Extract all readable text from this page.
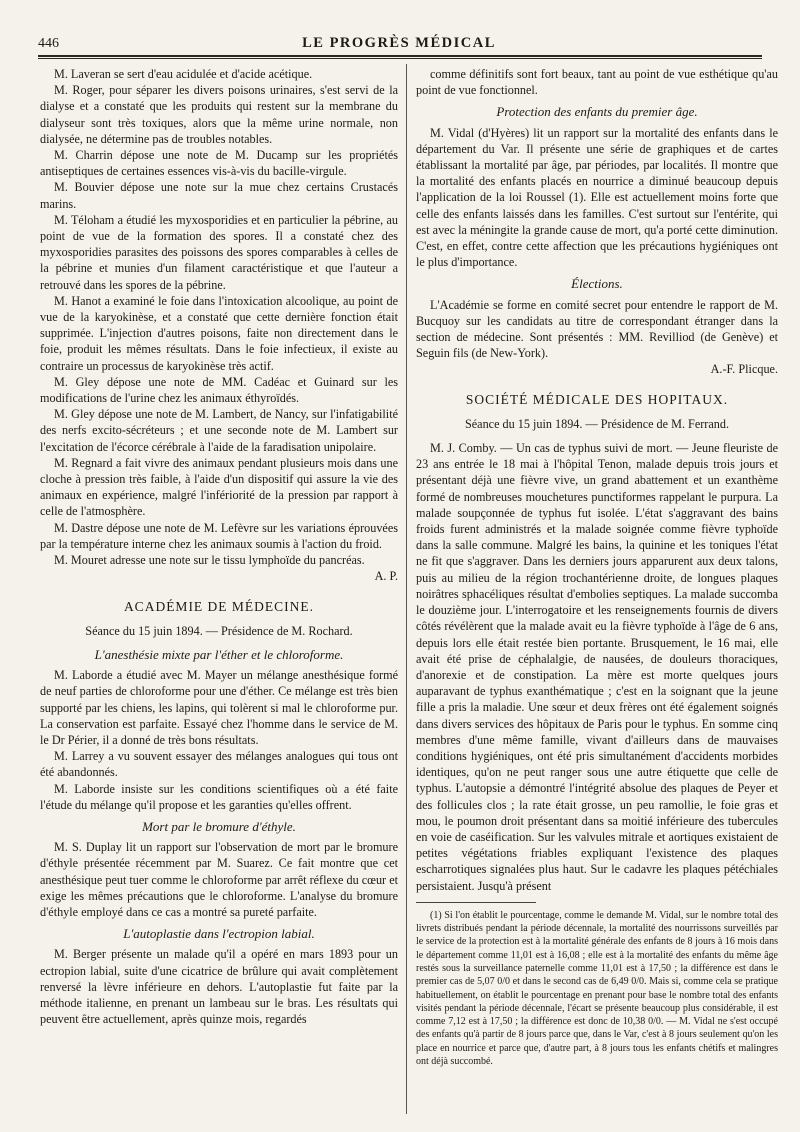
446	LE PROGRÈS MÉDICAL

M. Laveran se sert d'eau acidulée et d'acide acétique.

M. Roger, pour séparer les divers poisons urinaires, s'est servi de la dialyse et a constaté que les produits qui restent sur la membrane du dialyseur sont très toxiques, alors que la même urine normale, non dialysée, ne détermine pas de troubles notables.

M. Charrin dépose une note de M. Ducamp sur les propriétés antiseptiques de certaines essences vis-à-vis du bacille-virgule.

M. Bouvier dépose une note sur la mue chez certains Crustacés marins.

M. Téloham a étudié les myxosporidies et en particulier la pébrine, au point de vue de la formation des spores. Il a constaté chez des myxosporidies parasites des poissons des spores comparables à celles de la pébrine et munies d'un filament caractéristique et que l'auteur a retrouvé dans les spores de la pébrine.

M. Hanot a examiné le foie dans l'intoxication alcoolique, au point de vue de la karyokinèse, et a constaté que cette dernière fonction était supprimée. L'injection d'autres poisons, faite non directement dans le foie, produit les mêmes résultats. Dans le foie infectieux, il existe au contraire un processus de karyokinèse très actif.

M. Gley dépose une note de MM. Cadéac et Guinard sur les modifications de l'urine chez les animaux éthyroïdés.

M. Gley dépose une note de M. Lambert, de Nancy, sur l'infatigabilité des nerfs excito-sécréteurs ; et une seconde note de M. Lambert sur l'excitation de l'écorce cérébrale à l'aide de la faradisation unipolaire.

M. Regnard a fait vivre des animaux pendant plusieurs mois dans une cloche à pression très faible, à l'aide d'un dispositif qui assure la vie des animaux en expérience, malgré l'infériorité de la pression par rapport à celle de l'atmosphère.

M. Dastre dépose une note de M. Lefèvre sur les variations éprouvées par la température interne chez les animaux soumis à l'action du froid.

M. Mouret adresse une note sur le tissu lymphoïde du pancréas.

A. P.

ACADÉMIE DE MÉDECINE.
Séance du 15 juin 1894. — Présidence de M. Rochard.
L'anesthésie mixte par l'éther et le chloroforme.

M. Laborde a étudié avec M. Mayer un mélange anesthésique formé de neuf parties de chloroforme pour une d'éther. Ce mélange est très bien supporté par les chiens, les lapins, qui tolèrent si mal le chloroforme pur. La conservation est parfaite. Essayé chez l'homme dans le service de M. le Dr Périer, il a donné de très bons résultats.

M. Larrey a vu souvent essayer des mélanges analogues qui tous ont été abandonnés.

M. Laborde insiste sur les conditions scientifiques où a été faite l'étude du mélange qu'il propose et les garanties qu'elles offrent.

Mort par le bromure d'éthyle.

M. S. Duplay lit un rapport sur l'observation de mort par le bromure d'éthyle présentée récemment par M. Suarez. Ce fait montre que cet anesthésique peut tuer comme le chloroforme par arrêt réflexe du cœur et exige les mêmes précautions que le chloroforme. L'analyse du bromure d'éthyle employé dans ce cas a montré sa pureté parfaite.

L'autoplastie dans l'ectropion labial.

M. Berger présente un malade qu'il a opéré en mars 1893 pour un ectropion labial, suite d'une cicatrice de brûlure qui avait complètement renversé la lèvre inférieure en dehors. L'autoplastie fut faite par la méthode italienne, en prenant un lambeau sur le bras. Les résultats qui peuvent être actuellement, après quinze mois, regardés

comme définitifs sont fort beaux, tant au point de vue esthétique qu'au point de vue fonctionnel.

Protection des enfants du premier âge.

M. Vidal (d'Hyères) lit un rapport sur la mortalité des enfants dans le département du Var. Il présente une série de graphiques et de cartes établissant la mortalité par âge, par périodes, par localités. Il montre que la mortalité des enfants placés en nourrice a diminué beaucoup depuis l'application de la loi Roussel (1). Elle est actuellement moins forte que celle des enfants laissés dans les familles. C'est surtout sur l'entérite, qui est avec la méningite la grande cause de mort, qu'a porté cette diminution. C'est, en effet, contre cette affection que les précautions hygiéniques ont le plus d'importance.

Élections.

L'Académie se forme en comité secret pour entendre le rapport de M. Bucquoy sur les candidats au titre de correspondant étranger dans la section de médecine. Sont présentés : MM. Revilliod (de Genève) et Seguin fils (de New-York).

A.-F. Plicque.

SOCIÉTÉ MÉDICALE DES HOPITAUX.
Séance du 15 juin 1894. — Présidence de M. Ferrand.

M. J. Comby. — Un cas de typhus suivi de mort. — Jeune fleuriste de 23 ans entrée le 18 mai à l'hôpital Tenon, malade depuis trois jours et présentant déjà une fièvre vive, un grand abattement et un exanthème formé de nombreuses mouchetures punctiformes rappelant le purpura. La malade soupçonnée de typhus fut isolée. L'état s'aggravant des bains froids furent administrés et la malade soignée comme fièvre typhoïde dans la salle commune. Malgré les bains, la quinine et les toniques l'état ne fit que s'aggraver. Dans les derniers jours apparurent aux deux talons, puis au milieu de la région trochantérienne droite, de longues plaques noirâtres sphacéliques résultat d'embolies septiques. La malade succomba le douzième jour. L'interrogatoire et les renseignements fournis de divers côtés révélèrent que la malade avait eu la fièvre typhoïde à l'âge de 6 ans, depuis lors elle était restée bien portante. Brusquement, le 16 mai, elle avait été prise de céphalalgie, de nausées, de douleurs thoraciques, d'anorexie et de constipation. La mère est morte quelques jours auparavant de typhus exanthématique ; c'est en la soignant que la jeune fille a pris la maladie. Une sœur et deux frères ont été également soignés dans divers services des hôpitaux de Paris pour le typhus. En somme cinq membres d'une même famille, vivant d'ailleurs dans de mauvaises conditions hygiéniques, ont été pris simultanément d'accidents morbides identiques, qu'on ne peut ranger sous une autre étiquette que celle de typhus. L'autopsie a démontré l'intégrité absolue des plaques de Peyer et des follicules clos ; la rate était grosse, un peu ramollie, le foie gras et mou, le poumon droit présentant dans sa moitié inférieure des tubercules en voie de caséification. Sur les valvules mitrale et aortiques existaient de petites végétations friables expliquant l'existence des plaques escharrotiques signalées plus haut. Sur le cadavre les plaques pétéchiales persistaient. Jusqu'à présent

(1) Si l'on établit le pourcentage, comme le demande M. Vidal, sur le nombre total des livrets distribués pendant la période décennale, la mortalité des nourrissons surveillés par le service de la protection est à la mortalité générale des enfants de 8 jours à 16 mois dans le département comme 11,01 est à 16,08 ; elle est à la mortalité des enfants du même âge restés sous la surveillance paternelle comme 11,01 est à 17,50 ; la différence est dans le premier cas de 5,07 0/0 et dans le second cas de 6,49 0/0. Mais si, comme cela se pratique habituellement, on établit le pourcentage en prenant pour base le nombre total des enfants visités pendant la période décennale, l'écart se présente beaucoup plus considérable, il est comme 7,12 est à 17,50 ; la différence est donc de 10,38 0/0. — M. Vidal ne s'est occupé des enfants qu'à partir de 8 jours parce que, dans le Var, c'est à 8 jours seulement qu'on les place en nourrice et parce que, d'autre part, à 8 jours tous les enfants chétifs et malingres ont déjà succombé.
